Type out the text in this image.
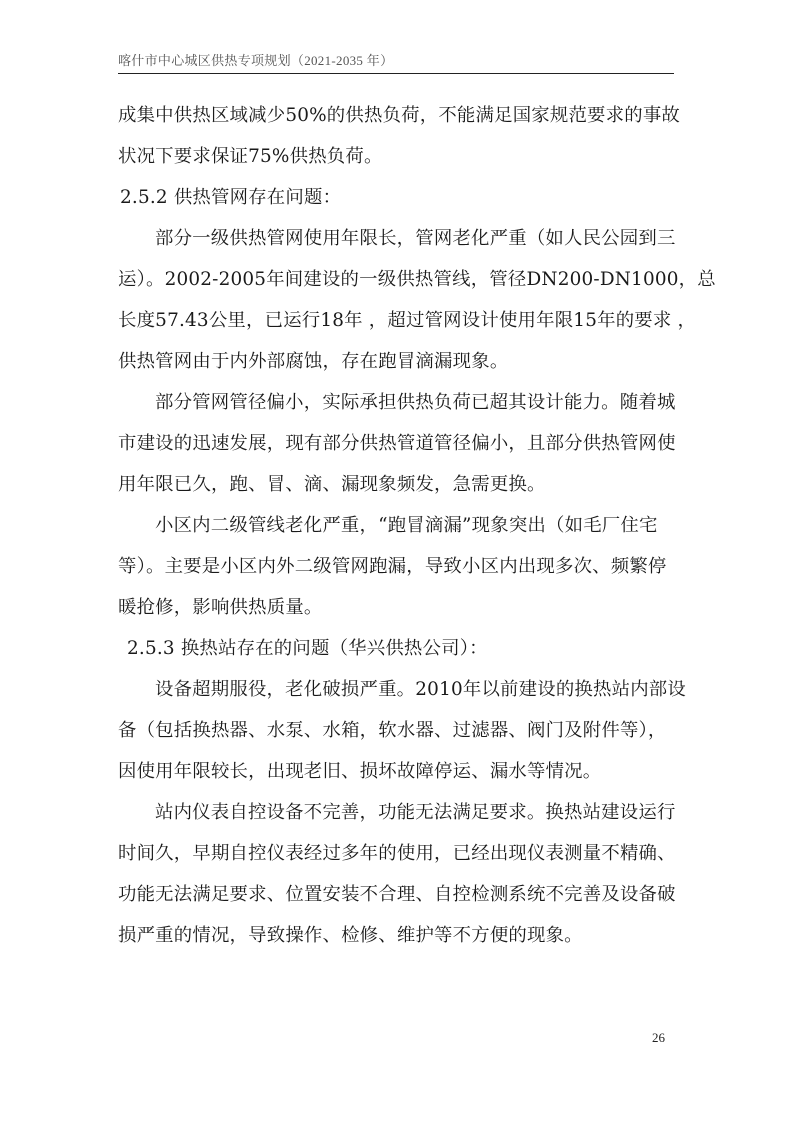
喀什市中心城区供热专项规划（2021-2035 年）
成集中供热区域减少50%的供热负荷，不能满足国家规范要求的事故
状况下要求保证75%供热负荷。
2.5.2 供热管网存在问题：
部分一级供热管网使用年限长，管网老化严重（如人民公园到三
运）。2002-2005年间建设的一级供热管线，管径DN200-DN1000，总
长度57.43公里，已运行18年 ，超过管网设计使用年限15年的要求 ，
供热管网由于内外部腐蚀，存在跑冒滴漏现象。
部分管网管径偏小，实际承担供热负荷已超其设计能力。随着城
市建设的迅速发展，现有部分供热管道管径偏小，且部分供热管网使
用年限已久，跑、冒、滴、漏现象频发，急需更换。
小区内二级管线老化严重，“跑冒滴漏”现象突出（如毛厂住宅
等）。主要是小区内外二级管网跑漏，导致小区内出现多次、频繁停
暖抢修，影响供热质量。
2.5.3 换热站存在的问题（华兴供热公司）：
设备超期服役，老化破损严重。2010年以前建设的换热站内部设
备（包括换热器、水泵、水箱，软水器、过滤器、阀门及附件等），
因使用年限较长，出现老旧、损坏故障停运、漏水等情况。
站内仪表自控设备不完善，功能无法满足要求。换热站建设运行
时间久，早期自控仪表经过多年的使用，已经出现仪表测量不精确、
功能无法满足要求、位置安装不合理、自控检测系统不完善及设备破
损严重的情况，导致操作、检修、维护等不方便的现象。
26
